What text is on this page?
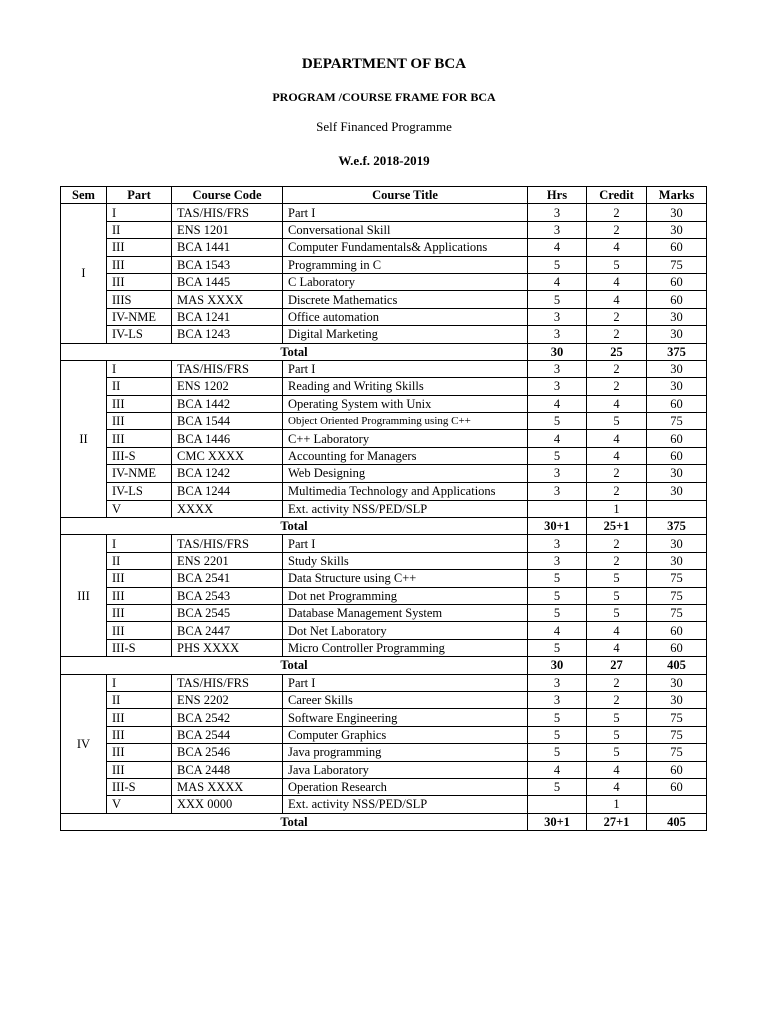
DEPARTMENT OF BCA
PROGRAM /COURSE FRAME FOR BCA
Self Financed Programme
W.e.f. 2018-2019
Sem	Part	Course Code	Course Title	Hrs	Credit	Marks
I	I	TAS/HIS/FRS	Part I	3	2	30
	II	ENS 1201	Conversational Skill	3	2	30
	III	BCA 1441	Computer Fundamentals& Applications	4	4	60
	III	BCA 1543	Programming in C	5	5	75
	III	BCA 1445	C Laboratory	4	4	60
	IIIS	MAS XXXX	Discrete Mathematics	5	4	60
	IV-NME	BCA 1241	Office automation	3	2	30
	IV-LS	BCA 1243	Digital Marketing	3	2	30
Total				30	25	375
II	I	TAS/HIS/FRS	Part I	3	2	30
	II	ENS 1202	Reading and Writing Skills	3	2	30
	III	BCA 1442	Operating System with Unix	4	4	60
	III	BCA 1544	Object Oriented Programming using C++	5	5	75
	III	BCA 1446	C++ Laboratory	4	4	60
	III-S	CMC XXXX	Accounting for Managers	5	4	60
	IV-NME	BCA 1242	Web Designing	3	2	30
	IV-LS	BCA 1244	Multimedia Technology and Applications	3	2	30
	V	XXXX	Ext. activity NSS/PED/SLP		1	
Total				30+1	25+1	375
III	I	TAS/HIS/FRS	Part I	3	2	30
	II	ENS 2201	Study Skills	3	2	30
	III	BCA 2541	Data Structure using C++	5	5	75
	III	BCA 2543	Dot net Programming	5	5	75
	III	BCA 2545	Database Management System	5	5	75
	III	BCA 2447	Dot Net Laboratory	4	4	60
	III-S	PHS XXXX	Micro Controller Programming	5	4	60
Total				30	27	405
IV	I	TAS/HIS/FRS	Part I	3	2	30
	II	ENS 2202	Career Skills	3	2	30
	III	BCA 2542	Software Engineering	5	5	75
	III	BCA 2544	Computer Graphics	5	5	75
	III	BCA 2546	Java programming	5	5	75
	III	BCA 2448	Java Laboratory	4	4	60
	III-S	MAS XXXX	Operation Research	5	4	60
	V	XXX 0000	Ext. activity NSS/PED/SLP		1	
Total				30+1	27+1	405
